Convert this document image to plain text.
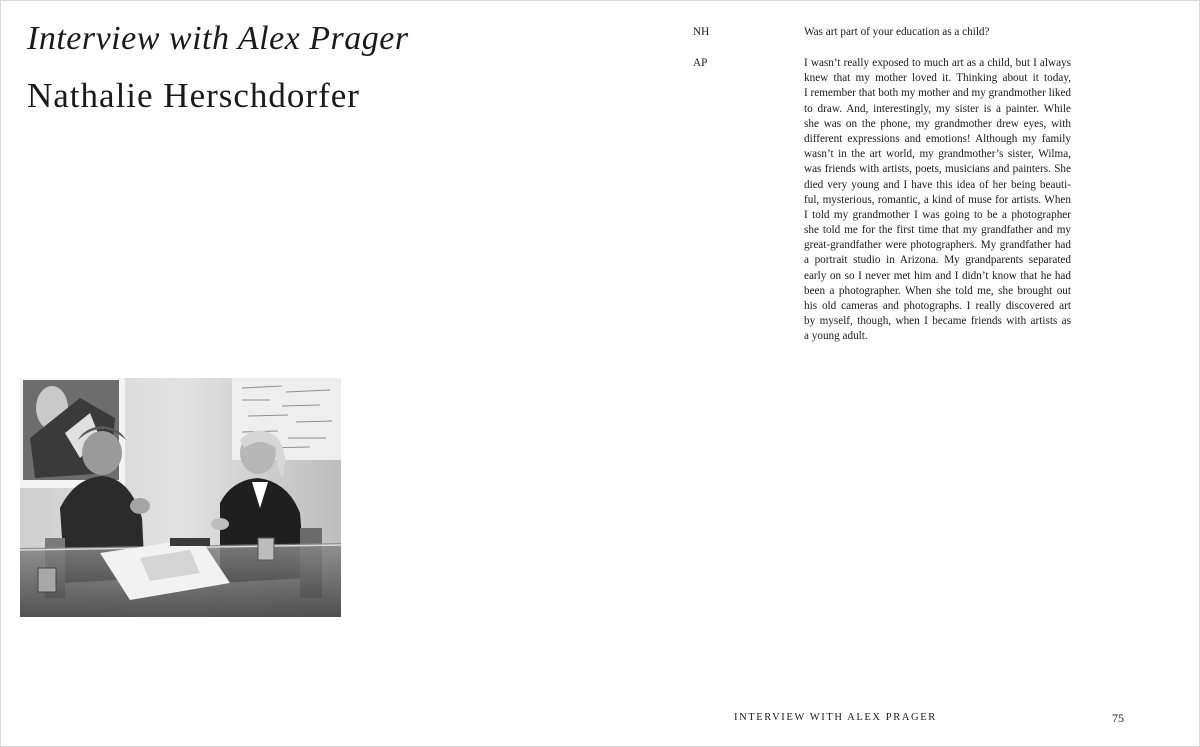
Interview with Alex Prager
Nathalie Herschdorfer
NH	Was art part of your education as a child?
AP	I wasn’t really exposed to much art as a child, but I always
knew that my mother loved it. Thinking about it today,
I remember that both my mother and my grandmother liked
to draw. And, interestingly, my sister is a painter. While
she was on the phone, my grandmother drew eyes, with
different expressions and emotions! Although my family
wasn’t in the art world, my grandmother’s sister, Wilma,
was friends with artists, poets, musicians and painters. She
died very young and I have this idea of her being beauti-
ful, mysterious, romantic, a kind of muse for artists. When
I told my grandmother I was going to be a photographer
she told me for the first time that my grandfather and my
great-grandfather were photographers. My grandfather had
a portrait studio in Arizona. My grandparents separated
early on so I never met him and I didn’t know that he had
been a photographer. When she told me, she brought out
his old cameras and photographs. I really discovered art
by myself, though, when I became friends with artists as
a young adult.
INTERVIEW WITH ALEX PRAGER	75
